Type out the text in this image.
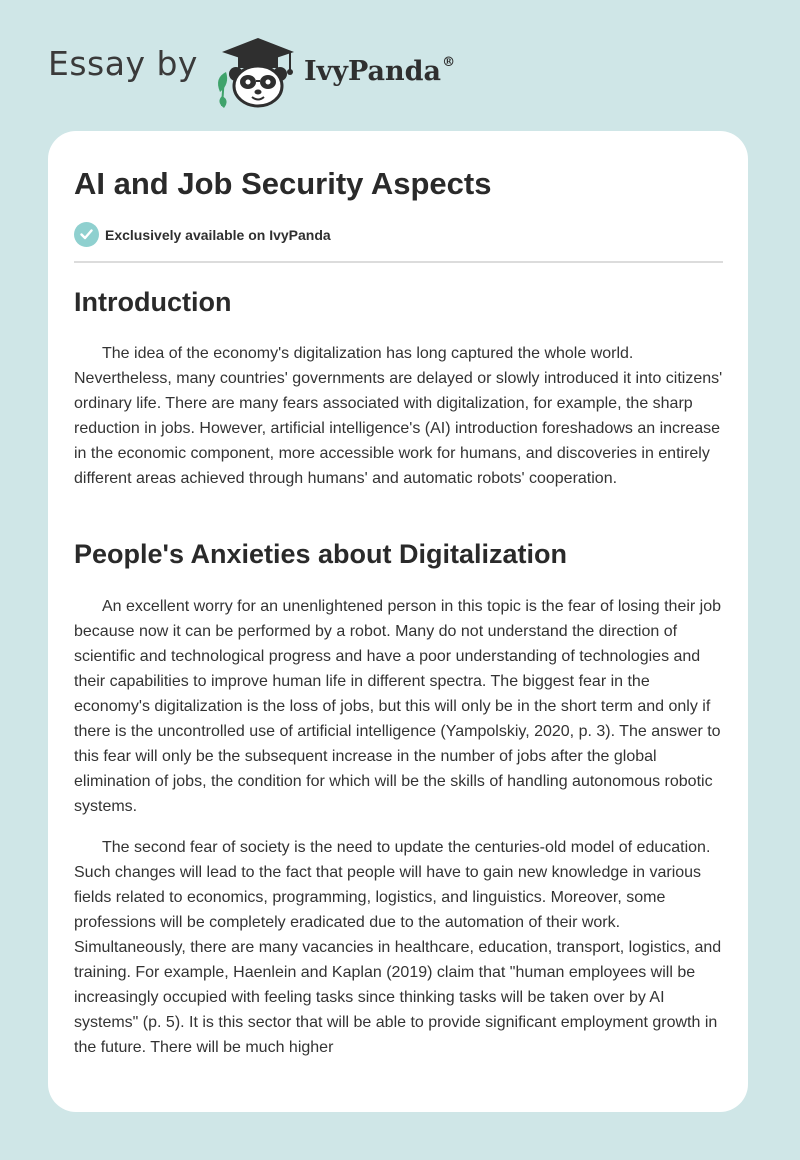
Essay by	IvyPanda®
AI and Job Security Aspects
Exclusively available on IvyPanda
Introduction

The idea of the economy's digitalization has long captured the whole world. Nevertheless, many countries' governments are delayed or slowly introduced it into citizens' ordinary life. There are many fears associated with digitalization, for example, the sharp reduction in jobs. However, artificial intelligence's (AI) introduction foreshadows an increase in the economic component, more accessible work for humans, and discoveries in entirely different areas achieved through humans' and automatic robots' cooperation.

People's Anxieties about Digitalization

An excellent worry for an unenlightened person in this topic is the fear of losing their job because now it can be performed by a robot. Many do not understand the direction of scientific and technological progress and have a poor understanding of technologies and their capabilities to improve human life in different spectra. The biggest fear in the economy's digitalization is the loss of jobs, but this will only be in the short term and only if there is the uncontrolled use of artificial intelligence (Yampolskiy, 2020, p. 3). The answer to this fear will only be the subsequent increase in the number of jobs after the global elimination of jobs, the condition for which will be the skills of handling autonomous robotic systems.

The second fear of society is the need to update the centuries-old model of education. Such changes will lead to the fact that people will have to gain new knowledge in various fields related to economics, programming, logistics, and linguistics. Moreover, some professions will be completely eradicated due to the automation of their work. Simultaneously, there are many vacancies in healthcare, education, transport, logistics, and training. For example, Haenlein and Kaplan (2019) claim that "human employees will be increasingly occupied with feeling tasks since thinking tasks will be taken over by AI systems" (p. 5). It is this sector that will be able to provide significant employment growth in the future. There will be much higher
